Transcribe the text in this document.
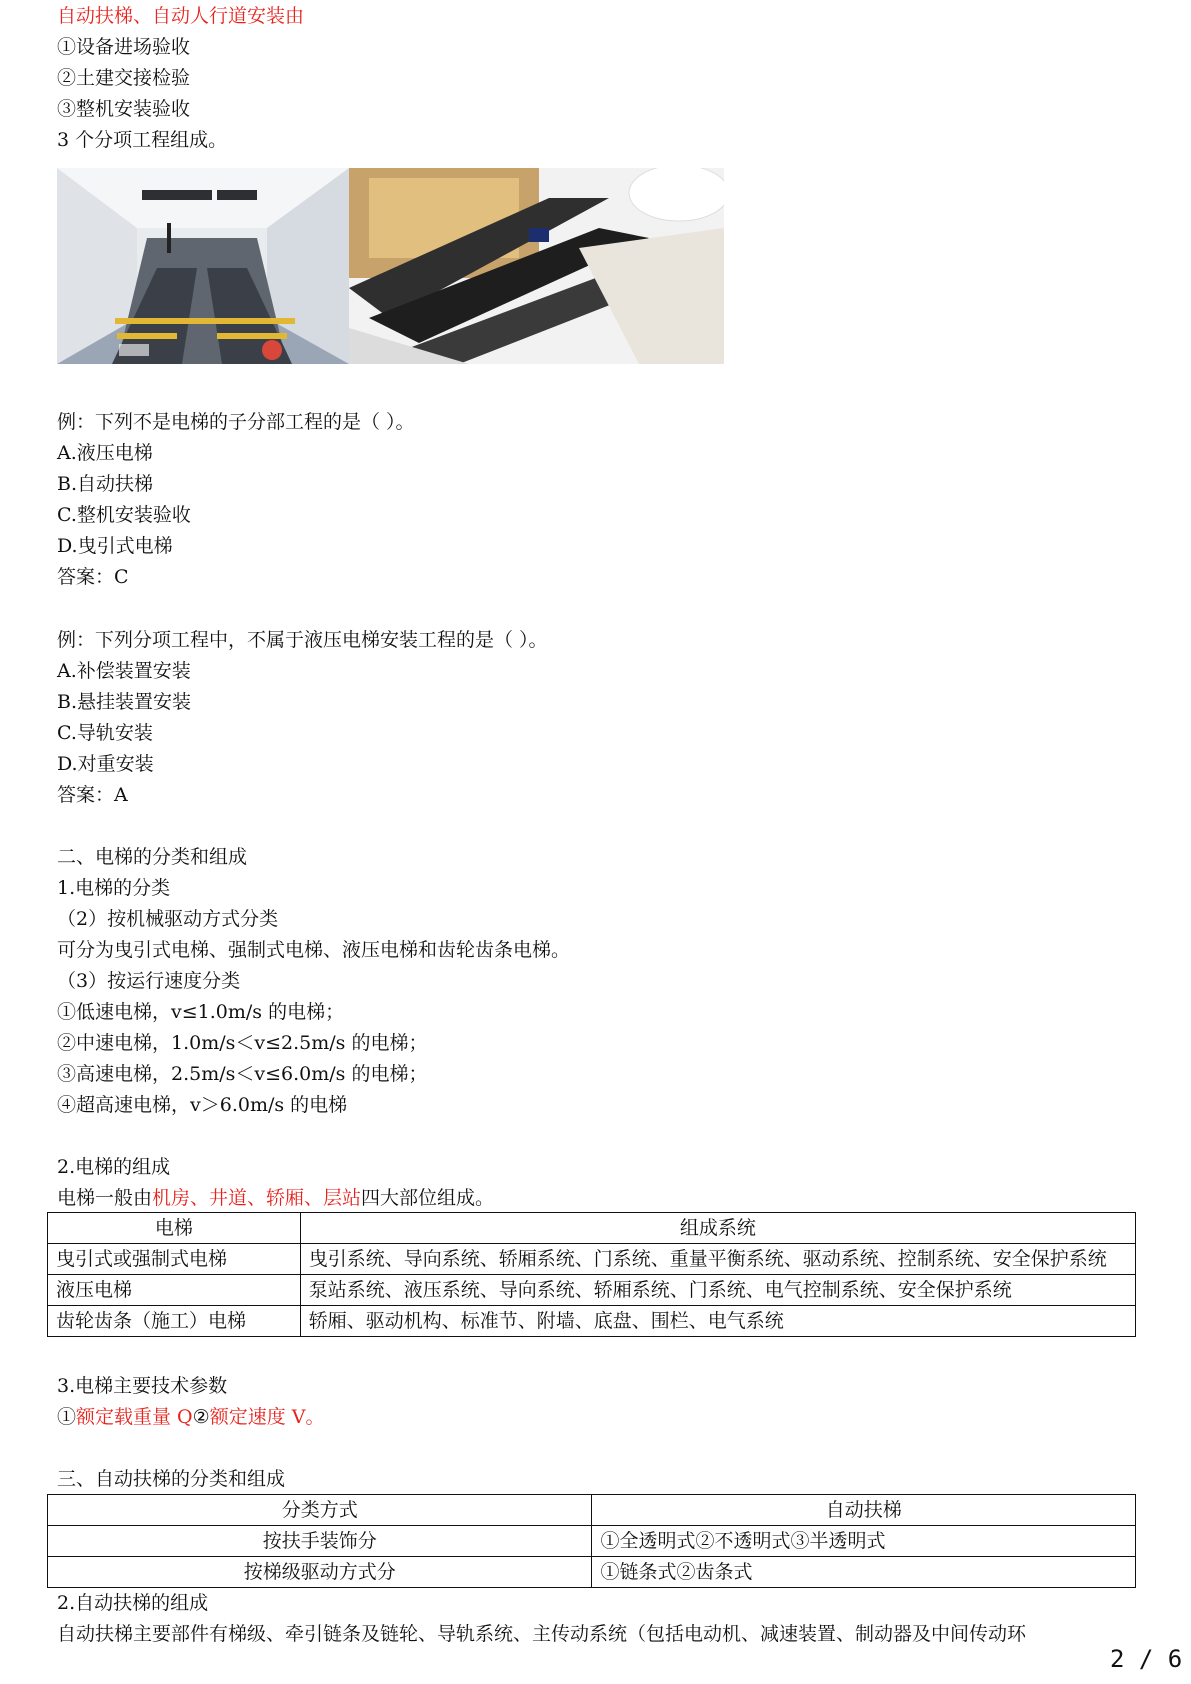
自动扶梯、自动人行道安装由
①设备进场验收
②土建交接检验
③整机安装验收
3 个分项工程组成。
例：下列不是电梯的子分部工程的是（ ）。
A.液压电梯
B.自动扶梯
C.整机安装验收
D.曳引式电梯
答案：C
例：下列分项工程中，不属于液压电梯安装工程的是（ ）。
A.补偿装置安装
B.悬挂装置安装
C.导轨安装
D.对重安装
答案：A
二、电梯的分类和组成
1.电梯的分类
（2）按机械驱动方式分类
可分为曳引式电梯、强制式电梯、液压电梯和齿轮齿条电梯。
（3）按运行速度分类
①低速电梯，v≤1.0m/s 的电梯；
②中速电梯，1.0m/s＜v≤2.5m/s 的电梯；
③高速电梯，2.5m/s＜v≤6.0m/s 的电梯；
④超高速电梯，v＞6.0m/s 的电梯
2.电梯的组成
电梯一般由机房、井道、轿厢、层站四大部位组成。
电梯	组成系统
曳引式或强制式电梯	曳引系统、导向系统、轿厢系统、门系统、重量平衡系统、驱动系统、控制系统、安全保护系统
液压电梯	泵站系统、液压系统、导向系统、轿厢系统、门系统、电气控制系统、安全保护系统
齿轮齿条（施工）电梯	轿厢、驱动机构、标准节、附墙、底盘、围栏、电气系统
3.电梯主要技术参数
①额定载重量 Q②额定速度 V。
三、自动扶梯的分类和组成
分类方式	自动扶梯
按扶手装饰分	①全透明式②不透明式③半透明式
按梯级驱动方式分	①链条式②齿条式
2.自动扶梯的组成
自动扶梯主要部件有梯级、牵引链条及链轮、导轨系统、主传动系统（包括电动机、减速装置、制动器及中间传动环
2 / 6
